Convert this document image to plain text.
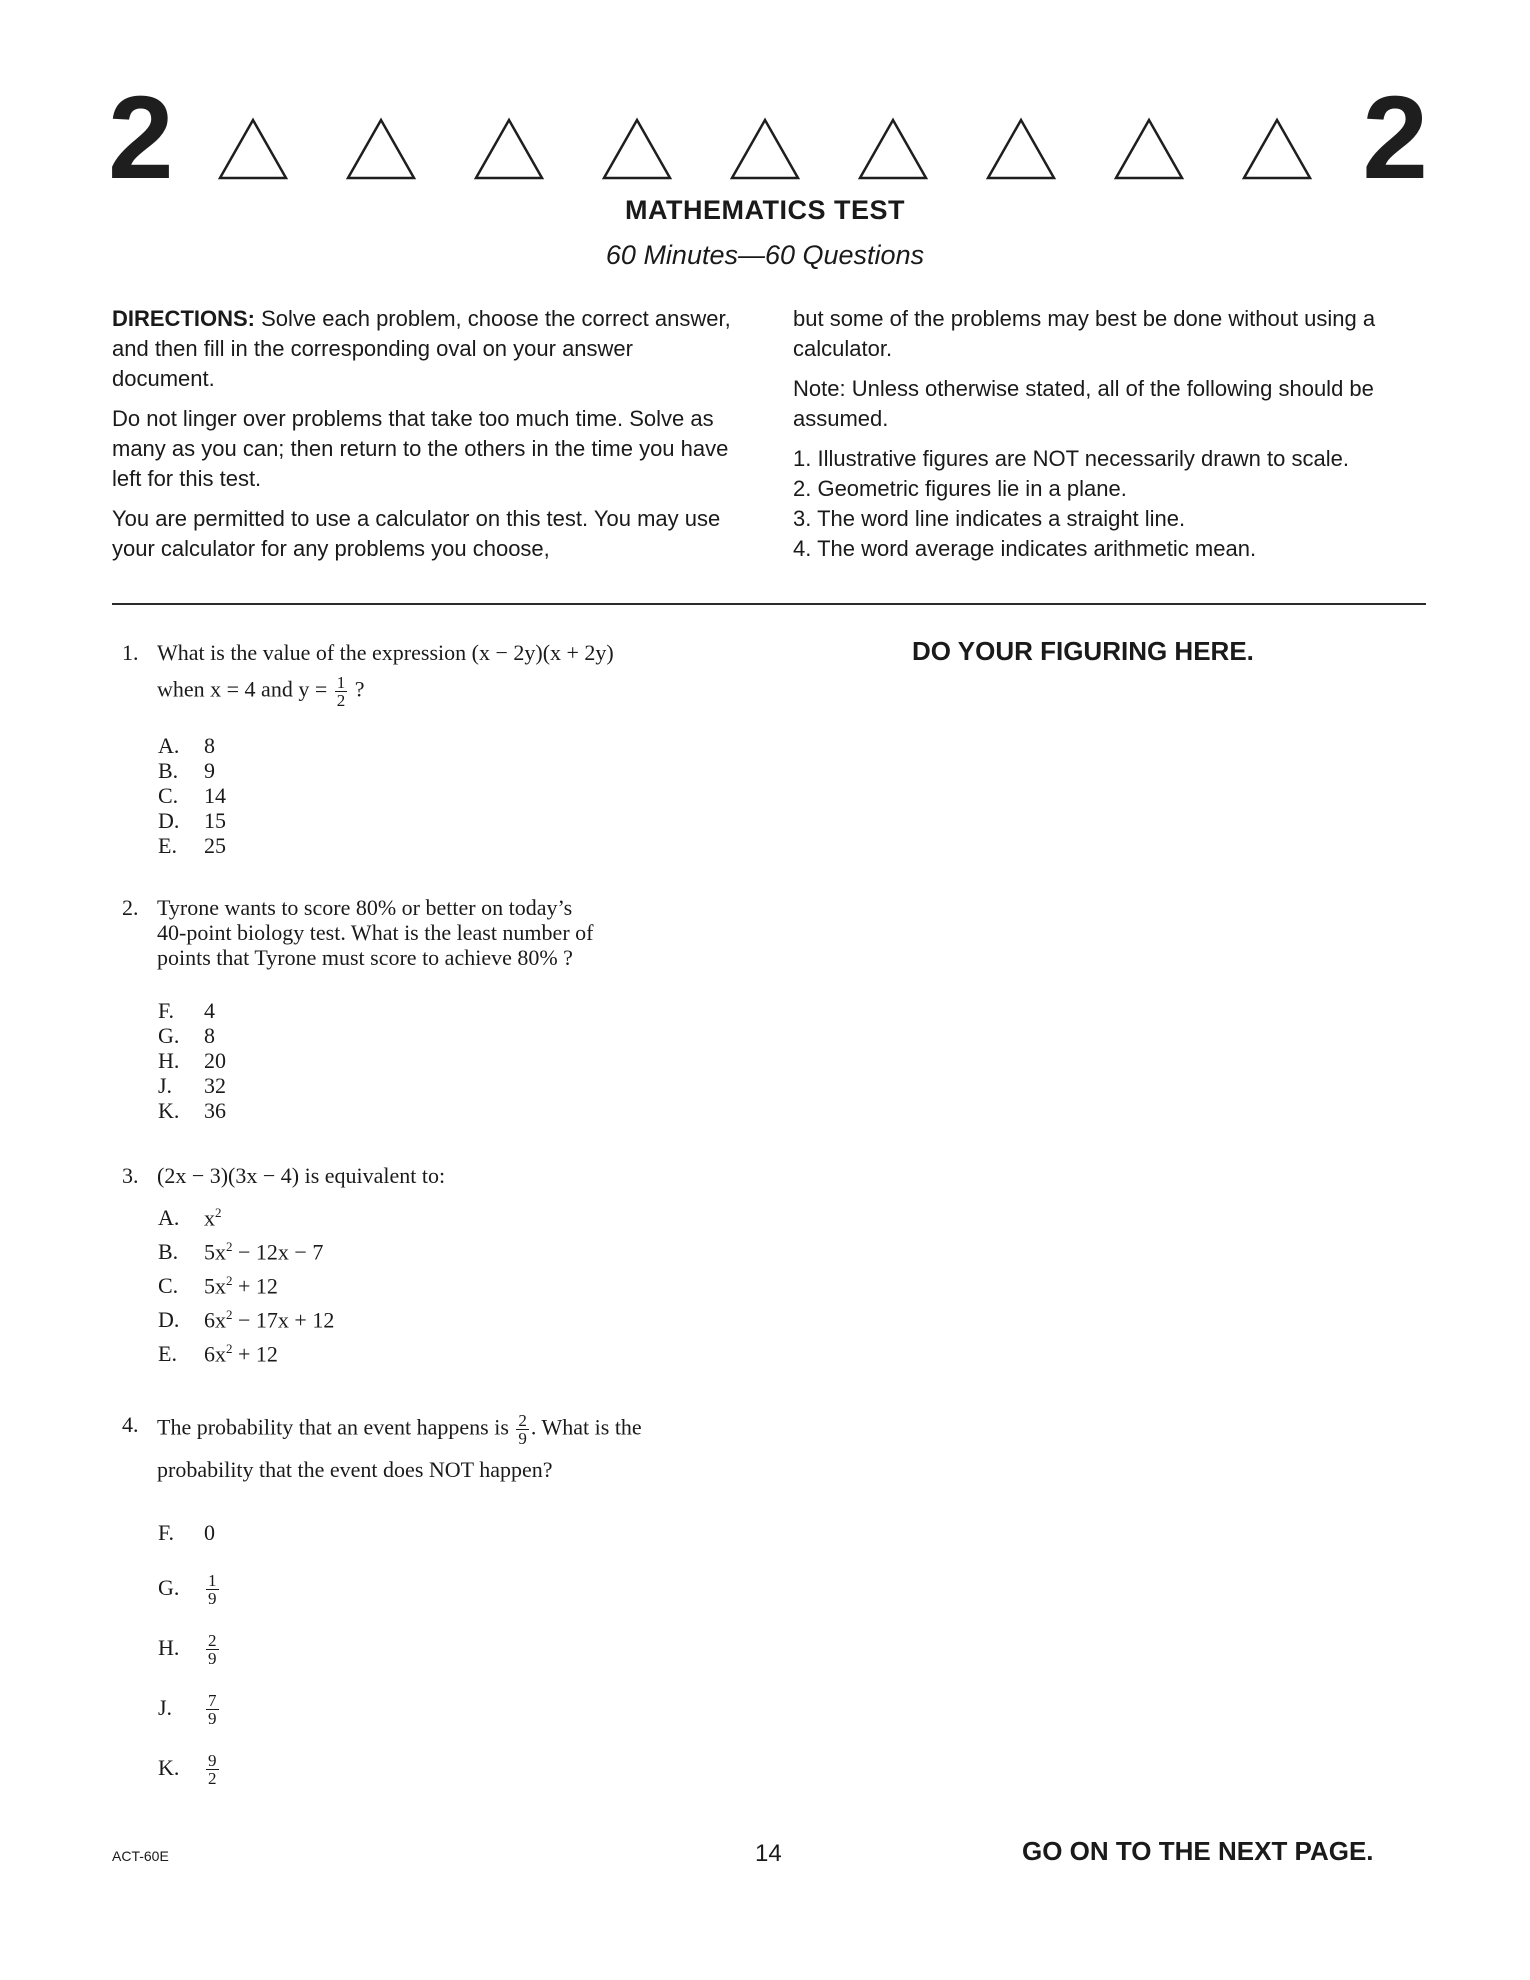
2	2
MATHEMATICS TEST
60 Minutes—60 Questions

DIRECTIONS: Solve each problem, choose the correct answer, and then fill in the corresponding oval on your answer document.

Do not linger over problems that take too much time. Solve as many as you can; then return to the others in the time you have left for this test.

You are permitted to use a calculator on this test. You may use your calculator for any problems you choose,

but some of the problems may best be done without using a calculator.

Note: Unless otherwise stated, all of the following should be assumed.

1. Illustrative figures are NOT necessarily drawn to scale.
2. Geometric figures lie in a plane.
3. The word line indicates a straight line.
4. The word average indicates arithmetic mean.
DO YOUR FIGURING HERE.
1. What is the value of the expression (x − 2y)(x + 2y)
when x = 4 and $y = \frac{1}{2}$ ?
A. 8
B. 9
C. 14
D. 15
E. 25
2. Tyrone wants to score 80% or better on today’s
40-point biology test. What is the least number of
points that Tyrone must score to achieve 80% ?
F. 4
G. 8
H. 20
J. 32
K. 36
3. (2x − 3)(3x − 4) is equivalent to:
A. $x^2$
B. $5x^2 - 12x - 7$
C. $5x^2 + 12$
D. $6x^2 - 17x + 12$
E. $6x^2 + 12$
4. The probability that an event happens is $\frac{2}{9}$ . What is the
probability that the event does NOT happen?
F. 0
G. $\frac{1}{9}$
H. $\frac{2}{9}$
J. $\frac{7}{9}$
K. $\frac{9}{2}$
ACT-60E	14	GO ON TO THE NEXT PAGE.
